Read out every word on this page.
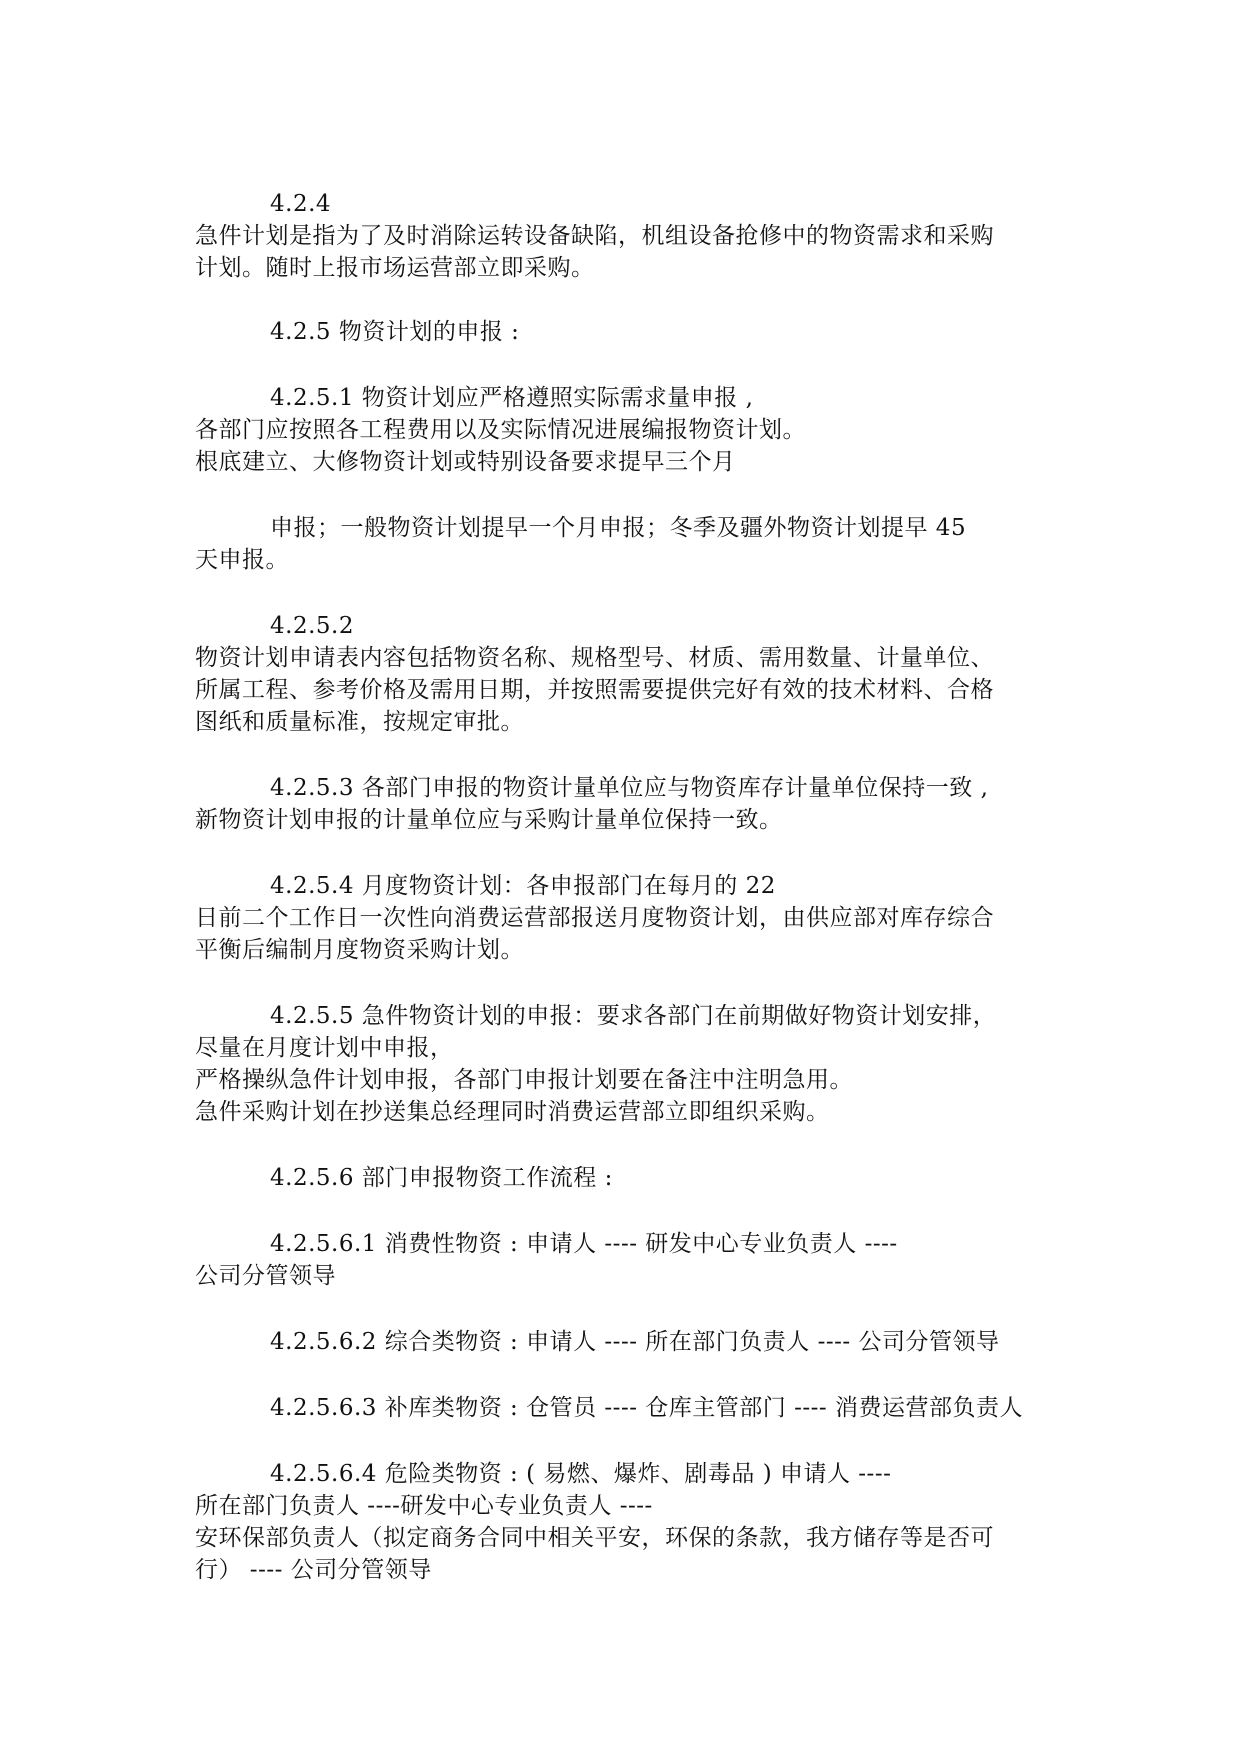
4.2.4
急件计划是指为了及时消除运转设备缺陷，机组设备抢修中的物资需求和采购
计划。随时上报市场运营部立即采购。
4.2.5 物资计划的申报 :
4.2.5.1 物资计划应严格遵照实际需求量申报 ,
各部门应按照各工程费用以及实际情况进展编报物资计划。
根底建立、大修物资计划或特别设备要求提早三个月
申报；一般物资计划提早一个月申报；冬季及疆外物资计划提早 45
天申报。
4.2.5.2
物资计划申请表内容包括物资名称、规格型号、材质、需用数量、计量单位、
所属工程、参考价格及需用日期，并按照需要提供完好有效的技术材料、合格
图纸和质量标准，按规定审批。
4.2.5.3 各部门申报的物资计量单位应与物资库存计量单位保持一致 ,
新物资计划申报的计量单位应与采购计量单位保持一致。
4.2.5.4 月度物资计划：各申报部门在每月的 22
日前二个工作日一次性向消费运营部报送月度物资计划，由供应部对库存综合
平衡后编制月度物资采购计划。
4.2.5.5 急件物资计划的申报：要求各部门在前期做好物资计划安排，
尽量在月度计划中申报，
严格操纵急件计划申报，各部门申报计划要在备注中注明急用。
急件采购计划在抄送集总经理同时消费运营部立即组织采购。
4.2.5.6 部门申报物资工作流程 :
4.2.5.6.1 消费性物资 : 申请人 ---- 研发中心专业负责人 ----
公司分管领导
4.2.5.6.2 综合类物资 : 申请人 ---- 所在部门负责人 ---- 公司分管领导
4.2.5.6.3 补库类物资 : 仓管员 ---- 仓库主管部门 ---- 消费运营部负责人
4.2.5.6.4 危险类物资 : ( 易燃、爆炸、剧毒品 ) 申请人 ----
所在部门负责人 ----研发中心专业负责人 ----
安环保部负责人（拟定商务合同中相关平安，环保的条款，我方储存等是否可
行） ---- 公司分管领导
